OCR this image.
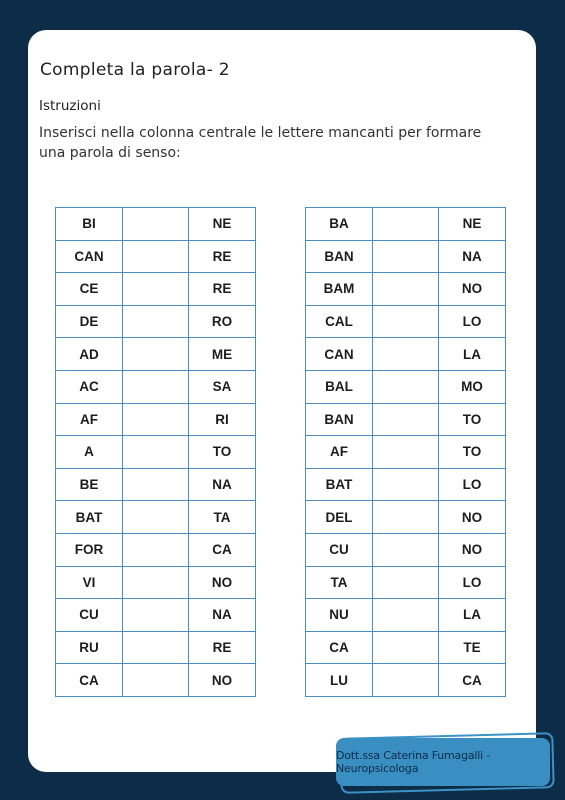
Completa la parola- 2
Istruzioni
Inserisci nella colonna centrale le lettere mancanti per formare una parola di senso:
BI		NE
CAN		RE
CE		RE
DE		RO
AD		ME
AC		SA
AF		RI
A		TO
BE		NA
BAT		TA
FOR		CA
VI		NO
CU		NA
RU		RE
CA		NO
BA		NE
BAN		NA
BAM		NO
CAL		LO
CAN		LA
BAL		MO
BAN		TO
AF		TO
BAT		LO
DEL		NO
CU		NO
TA		LO
NU		LA
CA		TE
LU		CA
Dott.ssa Caterina Fumagalli - Neuropsicologa
